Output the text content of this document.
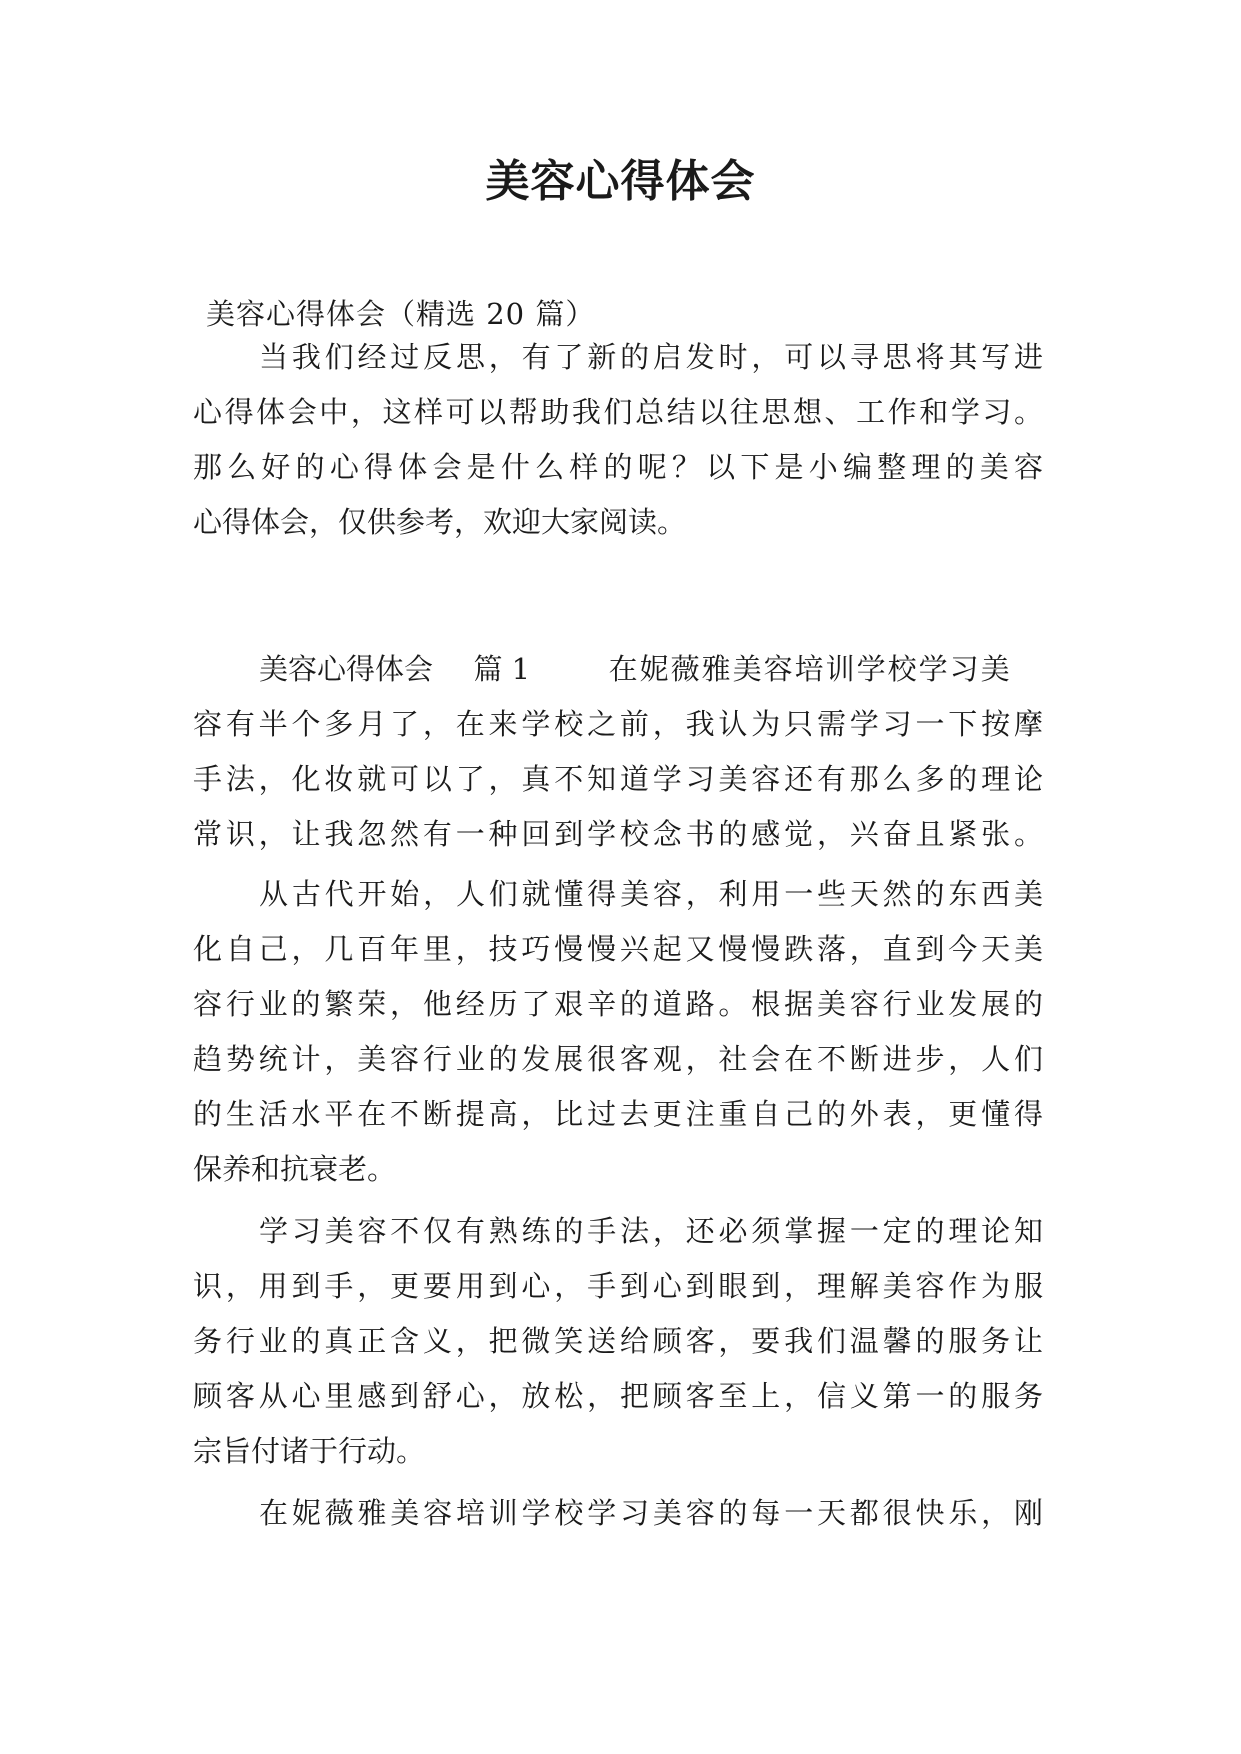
美容心得体会
美容心得体会（精选 20 篇）
当我们经过反思，有了新的启发时，可以寻思将其写进
心得体会中，这样可以帮助我们总结以往思想、工作和学习。
那么好的心得体会是什么样的呢？以下是小编整理的美容
心得体会，仅供参考，欢迎大家阅读。
美容心得体会 篇 1	在妮薇雅美容培训学校学习美
容有半个多月了，在来学校之前，我认为只需学习一下按摩
手法，化妆就可以了，真不知道学习美容还有那么多的理论
常识，让我忽然有一种回到学校念书的感觉，兴奋且紧张。
从古代开始，人们就懂得美容，利用一些天然的东西美
化自己，几百年里，技巧慢慢兴起又慢慢跌落，直到今天美
容行业的繁荣，他经历了艰辛的道路。根据美容行业发展的
趋势统计，美容行业的发展很客观，社会在不断进步，人们
的生活水平在不断提高，比过去更注重自己的外表，更懂得
保养和抗衰老。
学习美容不仅有熟练的手法，还必须掌握一定的理论知
识，用到手，更要用到心，手到心到眼到，理解美容作为服
务行业的真正含义，把微笑送给顾客，要我们温馨的服务让
顾客从心里感到舒心，放松，把顾客至上，信义第一的服务
宗旨付诸于行动。
在妮薇雅美容培训学校学习美容的每一天都很快乐，刚
